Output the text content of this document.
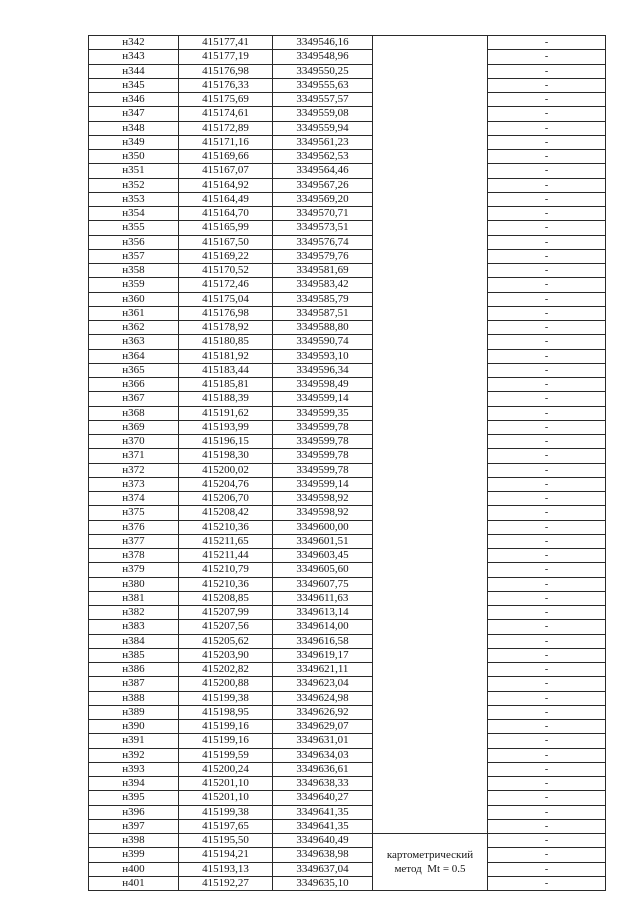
н342	415177,41	3349546,16		-
н343	415177,19	3349548,96		-
н344	415176,98	3349550,25		-
н345	415176,33	3349555,63		-
н346	415175,69	3349557,57		-
н347	415174,61	3349559,08		-
н348	415172,89	3349559,94		-
н349	415171,16	3349561,23		-
н350	415169,66	3349562,53		-
н351	415167,07	3349564,46		-
н352	415164,92	3349567,26		-
н353	415164,49	3349569,20		-
н354	415164,70	3349570,71		-
н355	415165,99	3349573,51		-
н356	415167,50	3349576,74		-
н357	415169,22	3349579,76		-
н358	415170,52	3349581,69		-
н359	415172,46	3349583,42		-
н360	415175,04	3349585,79		-
н361	415176,98	3349587,51		-
н362	415178,92	3349588,80		-
н363	415180,85	3349590,74		-
н364	415181,92	3349593,10		-
н365	415183,44	3349596,34		-
н366	415185,81	3349598,49		-
н367	415188,39	3349599,14		-
н368	415191,62	3349599,35		-
н369	415193,99	3349599,78		-
н370	415196,15	3349599,78		-
н371	415198,30	3349599,78		-
н372	415200,02	3349599,78		-
н373	415204,76	3349599,14		-
н374	415206,70	3349598,92		-
н375	415208,42	3349598,92		-
н376	415210,36	3349600,00		-
н377	415211,65	3349601,51		-
н378	415211,44	3349603,45		-
н379	415210,79	3349605,60		-
н380	415210,36	3349607,75		-
н381	415208,85	3349611,63		-
н382	415207,99	3349613,14		-
н383	415207,56	3349614,00		-
н384	415205,62	3349616,58		-
н385	415203,90	3349619,17		-
н386	415202,82	3349621,11		-
н387	415200,88	3349623,04		-
н388	415199,38	3349624,98		-
н389	415198,95	3349626,92		-
н390	415199,16	3349629,07		-
н391	415199,16	3349631,01		-
н392	415199,59	3349634,03		-
н393	415200,24	3349636,61		-
н394	415201,10	3349638,33		-
н395	415201,10	3349640,27		-
н396	415199,38	3349641,35		-
н397	415197,65	3349641,35		-
н398	415195,50	3349640,49	картометрический
метод  Mt = 0.5	-
н399	415194,21	3349638,98		-
н400	415193,13	3349637,04		-
н401	415192,27	3349635,10		-
